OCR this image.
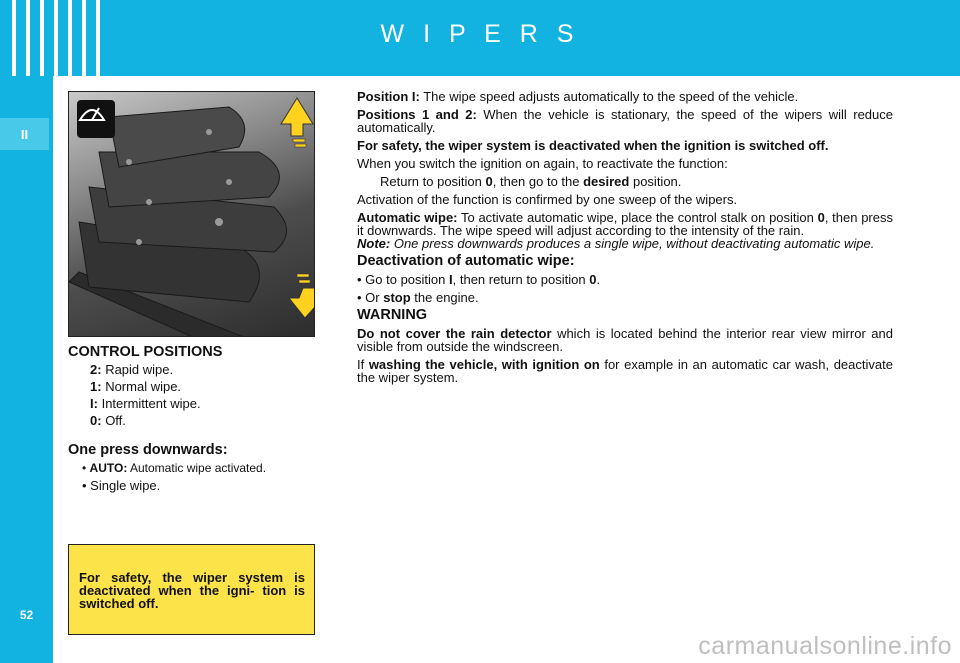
W I P E R S
II
52

CONTROL POSITIONS

2: Rapid wipe.

1: Normal wipe.

I: Intermittent wipe.

0: Off.

One press downwards:

• AUTO: Automatic wipe activated.

• Single wipe.

For safety, the wiper system is deactivated when the igni- tion is switched off.

Position I: The wipe speed adjusts automatically to the speed of the vehicle.

Positions 1 and 2: When the vehicle is stationary, the speed of the wipers will reduce automatically.

For safety, the wiper system is deactivated when the ignition is switched off.

When you switch the ignition on again, to reactivate the function:

Return to position 0, then go to the desired position.

Activation of the function is confirmed by one sweep of the wipers.

Automatic wipe: To activate automatic wipe, place the control stalk on position 0, then press it downwards. The wipe speed will adjust according to the intensity of the rain.

Note: One press downwards produces a single wipe, without deactivating automatic wipe.

Deactivation of automatic wipe:

• Go to position I, then return to position 0.

• Or stop the engine.

WARNING

Do not cover the rain detector which is located behind the interior rear view mirror and visible from outside the windscreen.

If washing the vehicle, with ignition on for example in an automatic car wash, deactivate the wiper system.

carmanualsonline.info
